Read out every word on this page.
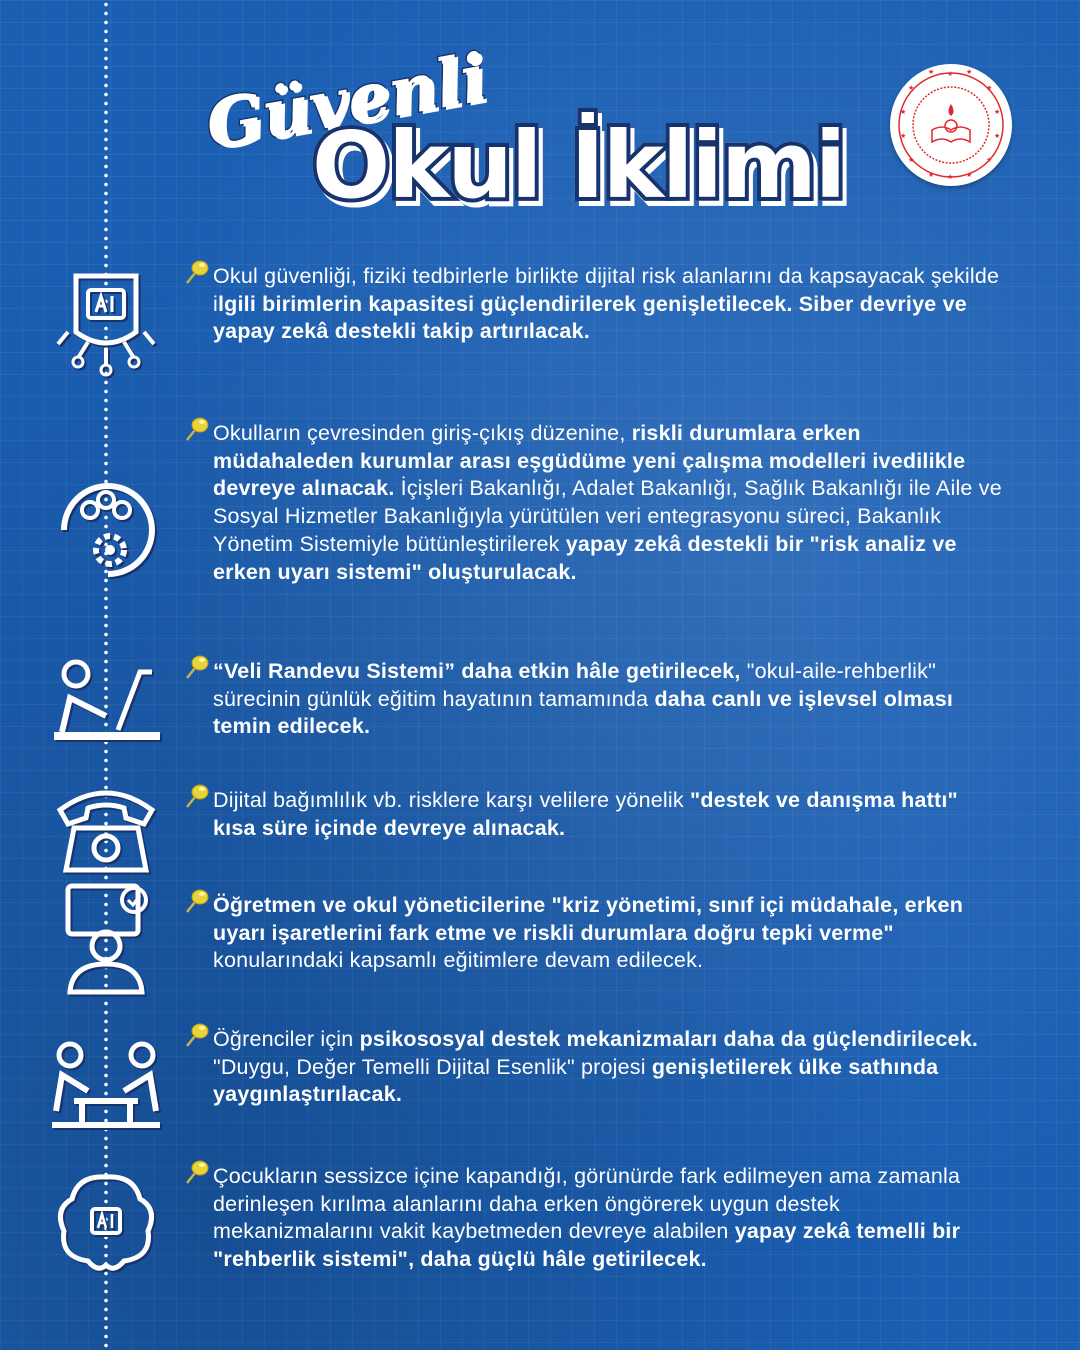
Güvenli
Okul İklimi
★ ★ ★
★
★
★
★
★
★
★
★
★
★
★
Okul güvenliği, fiziki tedbirlerle birlikte dijital risk alanlarını da kapsayacak şekilde ilgili birimlerin kapasitesi güçlendirilerek genişletilecek. Siber devriye ve yapay zekâ destekli takip artırılacak.
Okulların çevresinden giriş-çıkış düzenine, riskli durumlara erken müdahaleden kurumlar arası eşgüdüme yeni çalışma modelleri ivedilikle devreye alınacak. İçişleri Bakanlığı, Adalet Bakanlığı, Sağlık Bakanlığı ile Aile ve Sosyal Hizmetler Bakanlığıyla yürütülen veri entegrasyonu süreci, Bakanlık Yönetim Sistemiyle bütünleştirilerek yapay zekâ destekli bir "risk analiz ve erken uyarı sistemi" oluşturulacak.
“Veli Randevu Sistemi” daha etkin hâle getirilecek, "okul-aile-rehberlik" sürecinin günlük eğitim hayatının tamamında daha canlı ve işlevsel olması temin edilecek.
Dijital bağımlılık vb. risklere karşı velilere yönelik "destek ve danışma hattı" kısa süre içinde devreye alınacak.
Öğretmen ve okul yöneticilerine "kriz yönetimi, sınıf içi müdahale, erken uyarı işaretlerini fark etme ve riskli durumlara doğru tepki verme" konularındaki kapsamlı eğitimlere devam edilecek.
Öğrenciler için psikososyal destek mekanizmaları daha da güçlendirilecek. "Duygu, Değer Temelli Dijital Esenlik" projesi genişletilerek ülke sathında yaygınlaştırılacak.
Çocukların sessizce içine kapandığı, görünürde fark edilmeyen ama zamanla derinleşen kırılma alanlarını daha erken öngörerek uygun destek mekanizmalarını vakit kaybetmeden devreye alabilen yapay zekâ temelli bir "rehberlik sistemi", daha güçlü hâle getirilecek.
